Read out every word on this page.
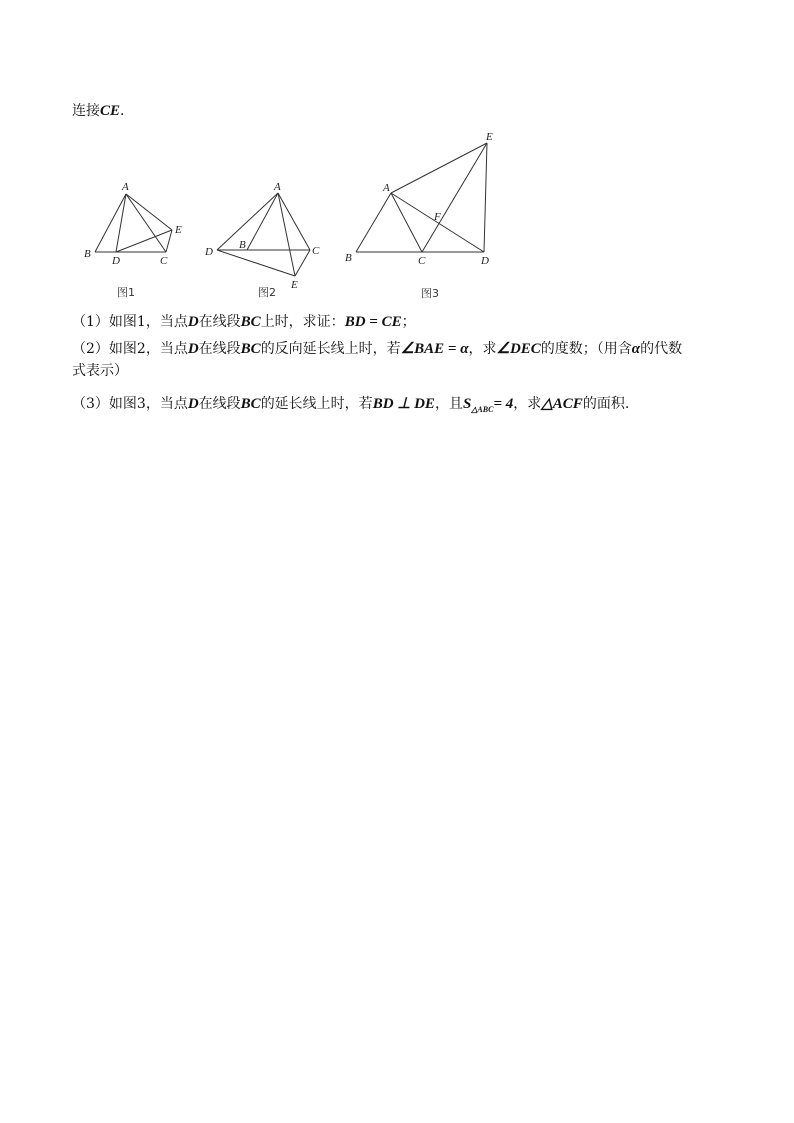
连接CE.
A
B
D	C
E
图1
A
B
D	C
E
图2
A
B	C	D
E
F
图3
（1）如图1，当点D在线段BC上时，求证：BD = CE；
（2）如图2，当点D在线段BC的反向延长线上时，若∠BAE = α，求∠DEC的度数；（用含α的代数
式表示）
（3）如图3，当点D在线段BC的延长线上时，若BD ⊥ DE，且$S_{\triangle ABC}= 4$，求△ACF的面积.
